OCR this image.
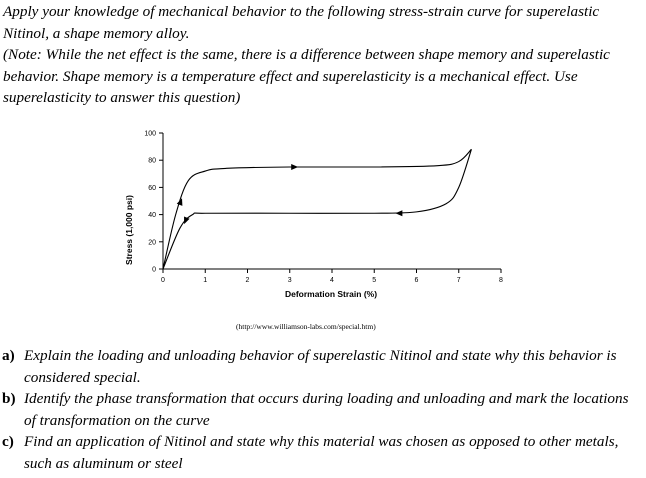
Apply your knowledge of mechanical behavior to the following stress-strain curve for superelastic Nitinol, a shape memory alloy.

(Note: While the net effect is the same, there is a difference between shape memory and superelastic behavior. Shape memory is a temperature effect and superelasticity is a mechanical effect. Use superelasticity to answer this question)

0	1	2	3	4	5	6	7	8
0
20
40
60
80
100
Deformation Strain (%)
Stress (1,000 psi)
(http://www.williamson-labs.com/special.htm)
a) Explain the loading and unloading behavior of superelastic Nitinol and state why this behavior is considered special.
b) Identify the phase transformation that occurs during loading and unloading and mark the locations of transformation on the curve
c) Find an application of Nitinol and state why this material was chosen as opposed to other metals, such as aluminum or steel
